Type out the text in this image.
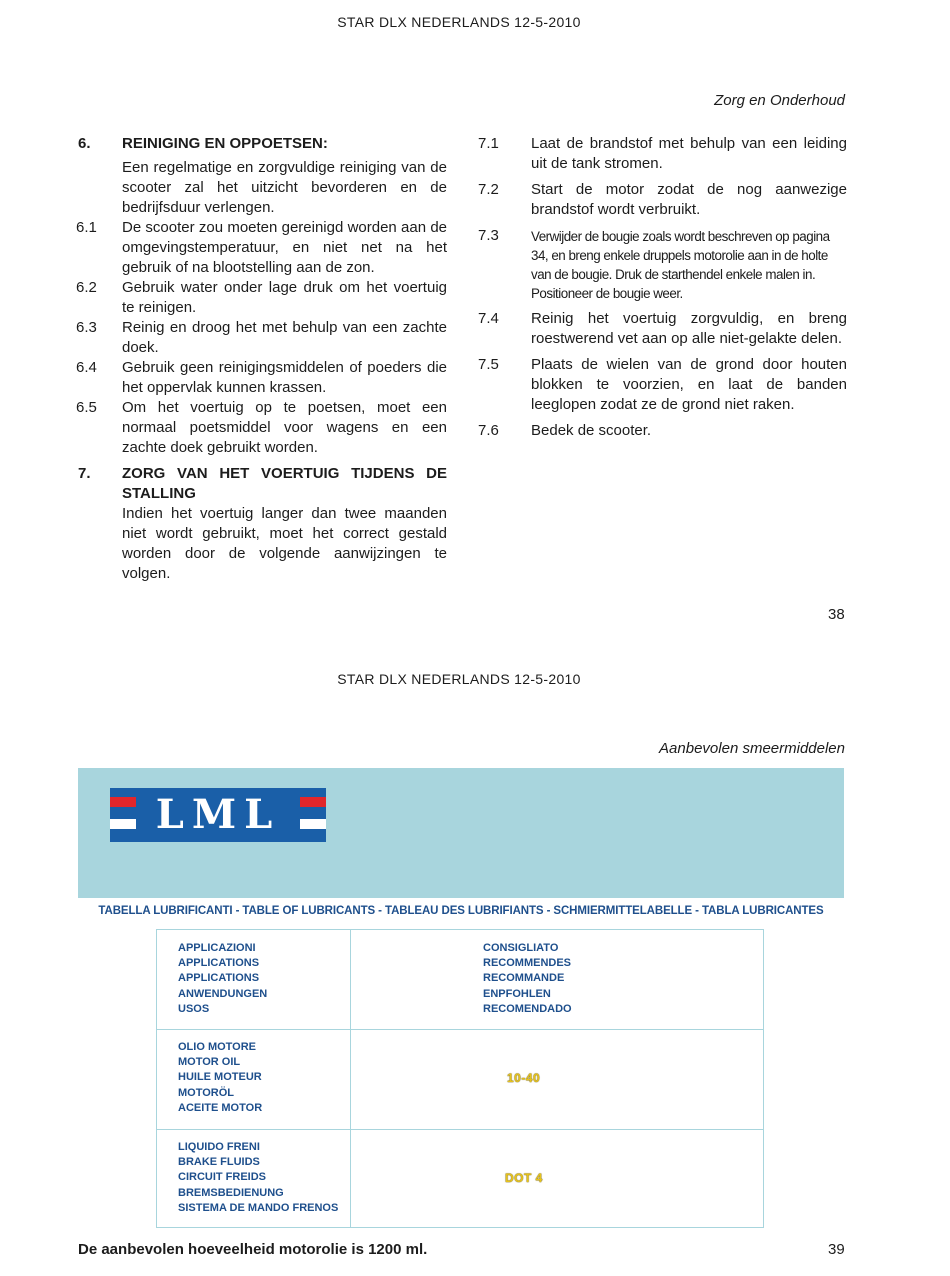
STAR DLX NEDERLANDS 12-5-2010
Zorg en Onderhoud
6. REINIGING EN OPPOETSEN:
Een regelmatige en zorgvuldige reiniging van de scooter zal het uitzicht bevorderen en de bedrijfsduur verlengen.
6.1 De scooter zou moeten gereinigd worden aan de omgevingstemperatuur, en niet net na het gebruik of na blootstelling aan de zon.
6.2 Gebruik water onder lage druk om het voertuig te reinigen.
6.3 Reinig en droog het met behulp van een zachte doek.
6.4 Gebruik geen reinigingsmiddelen of poeders die het oppervlak kunnen krassen.
6.5 Om het voertuig op te poetsen, moet een normaal poetsmiddel voor wagens en een zachte doek gebruikt worden.
7. ZORG VAN HET VOERTUIG TIJDENS DE STALLING
Indien het voertuig langer dan twee maanden niet wordt gebruikt, moet het correct gestald worden door de volgende aanwijzingen te volgen.
7.1 Laat de brandstof met behulp van een leiding uit de tank stromen.
7.2 Start de motor zodat de nog aanwezige brandstof wordt verbruikt.
7.3 Verwijder de bougie zoals wordt beschreven op pagina 34, en breng enkele druppels motorolie aan in de holte van de bougie. Druk de starthendel enkele malen in. Positioneer de bougie weer.
7.4 Reinig het voertuig zorgvuldig, en breng roestwerend vet aan op alle niet-gelakte delen.
7.5 Plaats de wielen van de grond door houten blokken te voorzien, en laat de banden leeglopen zodat ze de grond niet raken.
7.6 Bedek de scooter.
38
STAR DLX NEDERLANDS 12-5-2010
Aanbevolen smeermiddelen
LML
TABELLA LUBRIFICANTI - TABLE OF LUBRICANTS - TABLEAU DES LUBRIFIANTS - SCHMIERMITTELABELLE - TABLA LUBRICANTES
APPLICAZIONI
APPLICATIONS
APPLICATIONS
ANWENDUNGEN
USOS
CONSIGLIATO
RECOMMENDES
RECOMMANDE
ENPFOHLEN
RECOMENDADO
OLIO MOTORE
MOTOR OIL
HUILE MOTEUR
MOTORÖL
ACEITE MOTOR
10-40
LIQUIDO FRENI
BRAKE FLUIDS
CIRCUIT FREIDS
BREMSBEDIENUNG
SISTEMA DE MANDO FRENOS
DOT 4
De aanbevolen hoeveelheid motorolie is 1200 ml.	39
